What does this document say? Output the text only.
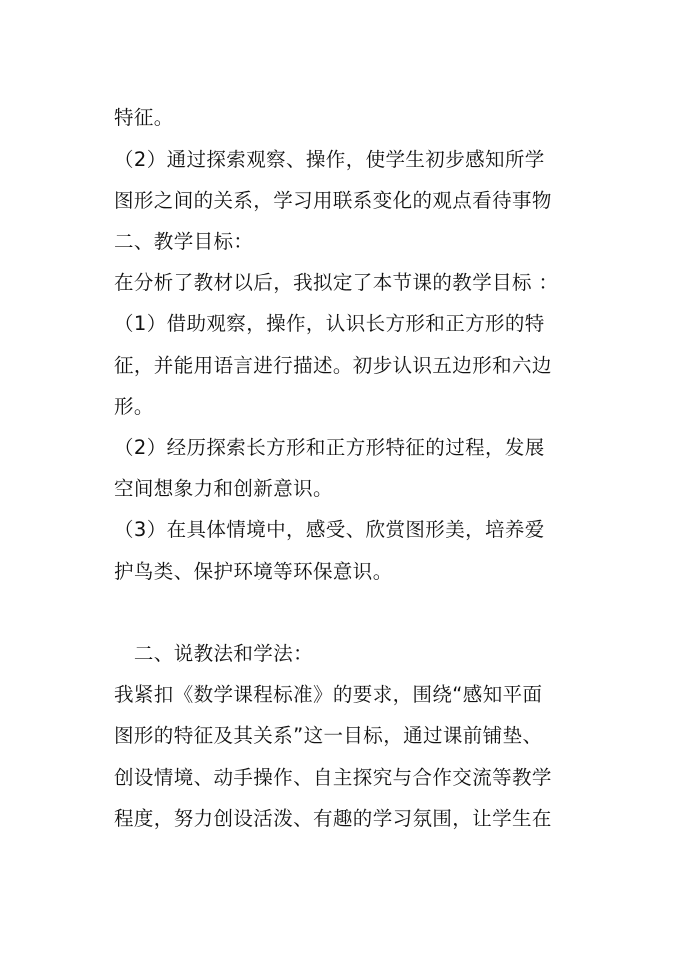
特征。
（2）通过探索观察、操作，使学生初步感知所学
图形之间的关系，学习用联系变化的观点看待事物
二、教学目标：
在分析了教材以后，我拟定了本节课的教学目标 ：
（1）借助观察，操作，认识长方形和正方形的特
征，并能用语言进行描述。初步认识五边形和六边
形。
（2）经历探索长方形和正方形特征的过程，发展
空间想象力和创新意识。
（3）在具体情境中，感受、欣赏图形美，培养爱
护鸟类、保护环境等环保意识。
　二、说教法和学法：
我紧扣《数学课程标准》的要求，围绕“感知平面
图形的特征及其关系”这一目标，通过课前铺垫、
创设情境、动手操作、自主探究与合作交流等教学
程度，努力创设活泼、有趣的学习氛围，让学生在
